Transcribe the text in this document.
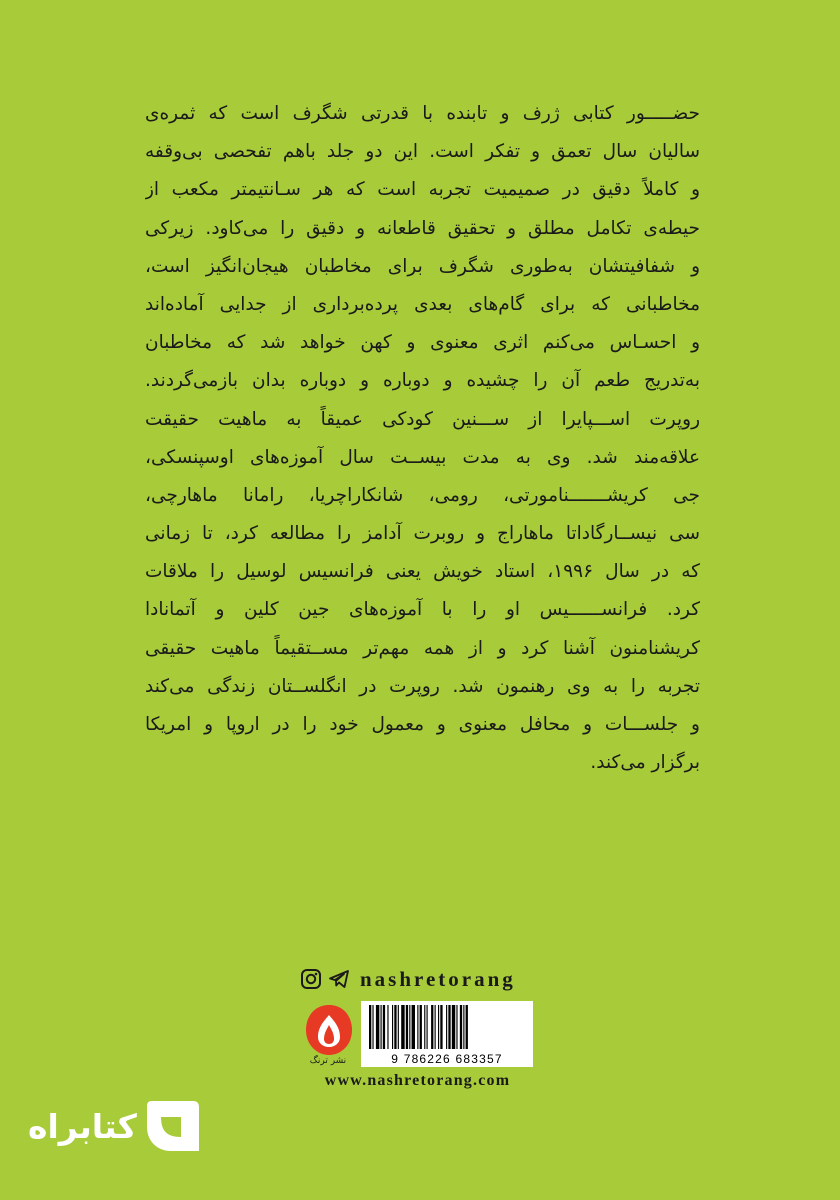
حضـــــور کتابی ژرف و تابنده با قدرتی شگرف است که ثمره‌ی
سالیان سال تعمق و تفکر است. این دو جلد باهم تفحصی بی‌وقفه
و کاملاً دقیق در صمیمیت تجربه است که هر سـانتیمتر مکعب از
حیطه‌ی تکامل مطلق و تحقیق قاطعانه و دقیق را می‌کاود. زیرکی
و شفافیتشان به‌طوری شگرف برای مخاطبان هیجان‌انگیز است،
مخاطبانی که برای گام‌های بعدی پرده‌برداری از جدایی آماده‌اند
و احسـاس می‌کنم اثری معنوی و کهن خواهد شد که مخاطبان
به‌تدریج طعم آن را چشیده و دوباره و دوباره بدان بازمی‌گردند.
روپرت اســـپایرا از ســـنین کودکی عمیقاً به ماهیت حقیقت
علاقه‌مند شد. وی به مدت بیســت سال آموزه‌های اوسپنسکی،
جی کریشـــــــنامورتی، رومی، شانکاراچریا، رامانا ماهارچی،
سی نیســارگاداتا ماهاراج و روبرت آدامز را مطالعه کرد، تا زمانی
که در سال ۱۹۹۶، استاد خویش یعنی فرانسیس لوسیل را ملاقات
کرد. فرانســــــیس او را با آموزه‌های جین کلین و آتمانادا
کریشنامنون آشنا کرد و از همه مهم‌تر مســتقیماً ماهیت حقیقی
تجربه را به وی رهنمون شد. روپرت در انگلســتان زندگی می‌کند
و جلســـات و محافل معنوی و معمول خود را در اروپا و امریکا
برگزار می‌کند.
nashretorang
نشر ترنگ	9 786226 683357
www.nashretorang.com
کتابراه
